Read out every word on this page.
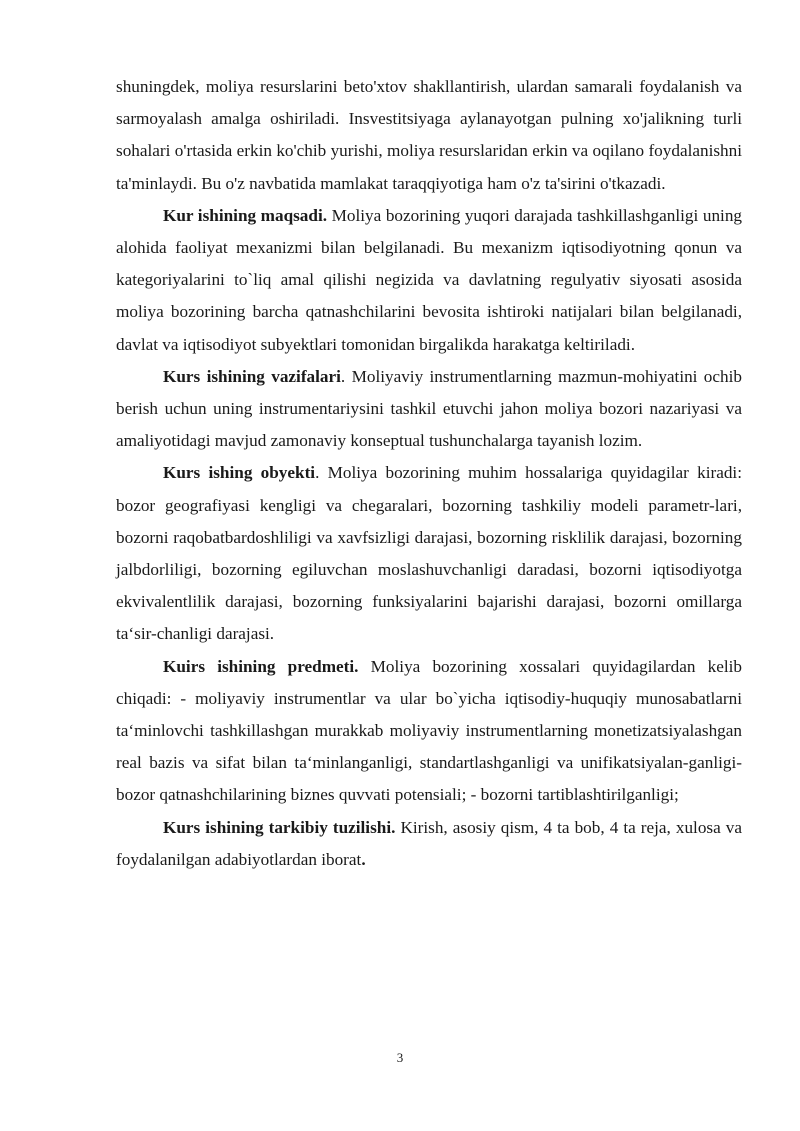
shuningdek, moliya resurslarini beto'xtov shakllantirish, ulardan samarali foydalanish va sarmoyalash amalga oshiriladi. Insvestitsiyaga aylanayotgan pulning xo'jalikning turli sohalari o'rtasida erkin ko'chib yurishi, moliya resurslaridan erkin va oqilano foydalanishni ta'minlaydi. Bu o'z navbatida mamlakat taraqqiyotiga ham o'z ta'sirini o'tkazadi.

Kur ishining maqsadi. Moliya bozorining yuqori darajada tashkillashganligi uning alohida faoliyat mexanizmi bilan belgilanadi. Bu mexanizm iqtisodiyotning qonun va kategoriyalarini to`liq amal qilishi negizida va davlatning regulyativ siyosati asosida moliya bozorining barcha qatnashchilarini bevosita ishtiroki natijalari bilan belgilanadi, davlat va iqtisodiyot subyektlari tomonidan birgalikda harakatga keltiriladi.

Kurs ishining vazifalari. Moliyaviy instrumentlarning mazmun-mohiyatini ochib berish uchun uning instrumentariysini tashkil etuvchi jahon moliya bozori nazariyasi va amaliyotidagi mavjud zamonaviy konseptual tushunchalarga tayanish lozim.

Kurs ishing obyekti. Moliya bozorining muhim hossalariga quyidagilar kiradi: bozor geografiyasi kengligi va chegaralari, bozorning tashkiliy modeli parametr-lari, bozorni raqobatbardoshliligi va xavfsizligi darajasi, bozorning risklilik darajasi, bozorning jalbdorliligi, bozorning egiluvchan moslashuvchanligi daradasi, bozorni iqtisodiyotga ekvivalentlilik darajasi, bozorning funksiyalarini bajarishi darajasi, bozorni omillarga ta‘sir-chanligi darajasi.

Kuirs ishining predmeti. Moliya bozorining xossalari quyidagilardan kelib chiqadi: - moliyaviy instrumentlar va ular bo`yicha iqtisodiy-huquqiy munosabatlarni ta‘minlovchi tashkillashgan murakkab moliyaviy instrumentlarning monetizatsiyalashgan real bazis va sifat bilan ta‘minlanganligi, standartlashganligi va unifikatsiyalan-ganligi- bozor qatnashchilarining biznes quvvati potensiali; - bozorni tartiblashtirilganligi;

Kurs ishining tarkibiy tuzilishi. Kirish, asosiy qism, 4 ta bob, 4 ta reja, xulosa va foydalanilgan adabiyotlardan iborat.

3
